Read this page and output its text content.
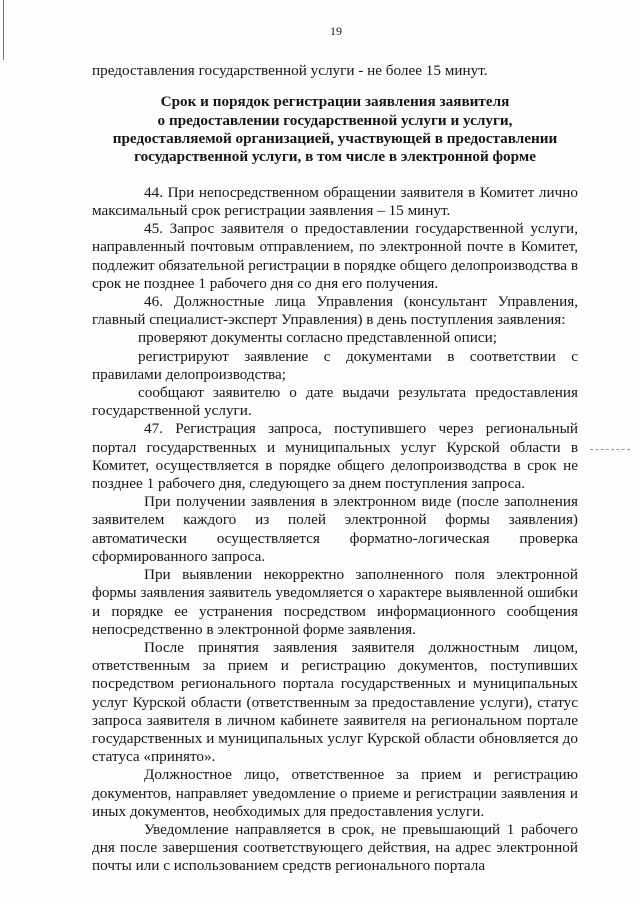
19

предоставления государственной услуги - не более 15 минут.

Срок и порядок регистрации заявления заявителя
о предоставлении государственной услуги и услуги,
предоставляемой организацией, участвующей в предоставлении
государственной услуги, в том числе в электронной форме

44. При непосредственном обращении заявителя в Комитет лично максимальный срок регистрации заявления – 15 минут.

45. Запрос заявителя о предоставлении государственной услуги, направленный почтовым отправлением, по электронной почте в Комитет, подлежит обязательной регистрации в порядке общего делопроизводства в срок не позднее 1 рабочего дня со дня его получения.

46. Должностные лица Управления (консультант Управления, главный специалист-эксперт Управления) в день поступления заявления:

проверяют документы согласно представленной описи;

регистрируют заявление с документами в соответствии с правилами делопроизводства;

сообщают заявителю о дате выдачи результата предоставления государственной услуги.

47. Регистрация запроса, поступившего через региональный портал государственных и муниципальных услуг Курской области в Комитет, осуществляется в порядке общего делопроизводства в срок не позднее 1 рабочего дня, следующего за днем поступления запроса.

При получении заявления в электронном виде (после заполнения заявителем каждого из полей электронной формы заявления) автоматически осуществляется форматно-логическая проверка сформированного запроса.

При выявлении некорректно заполненного поля электронной формы заявления заявитель уведомляется о характере выявленной ошибки и порядке ее устранения посредством информационного сообщения непосредственно в электронной форме заявления.

После принятия заявления заявителя должностным лицом, ответственным за прием и регистрацию документов, поступивших посредством регионального портала государственных и муниципальных услуг Курской области (ответственным за предоставление услуги), статус запроса заявителя в личном кабинете заявителя на региональном портале государственных и муниципальных услуг Курской области обновляется до статуса «принято».

Должностное лицо, ответственное за прием и регистрацию документов, направляет уведомление о приеме и регистрации заявления и иных документов, необходимых для предоставления услуги.

Уведомление направляется в срок, не превышающий 1 рабочего дня после завершения соответствующего действия, на адрес электронной почты или с использованием средств регионального портала
